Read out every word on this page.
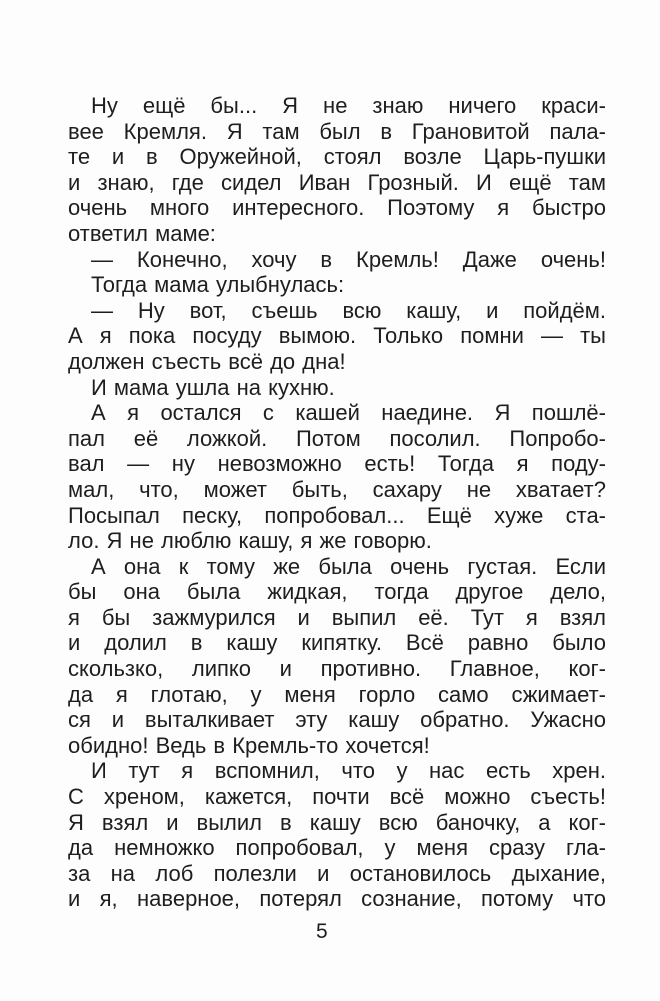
Ну ещё бы... Я не знаю ничего краси-
вее Кремля. Я там был в Грановитой пала-
те и в Оружейной, стоял возле Царь-пушки
и знаю, где сидел Иван Грозный. И ещё там
очень много интересного. Поэтому я быстро
ответил маме:
— Конечно, хочу в Кремль! Даже очень!
Тогда мама улыбнулась:
— Ну вот, съешь всю кашу, и пойдём.
А я пока посуду вымою. Только помни — ты
должен съесть всё до дна!
И мама ушла на кухню.
А я остался с кашей наедине. Я пошлё-
пал её ложкой. Потом посолил. Попробо-
вал — ну невозможно есть! Тогда я поду-
мал, что, может быть, сахару не хватает?
Посыпал песку, попробовал... Ещё хуже ста-
ло. Я не люблю кашу, я же говорю.
А она к тому же была очень густая. Если
бы она была жидкая, тогда другое дело,
я бы зажмурился и выпил её. Тут я взял
и долил в кашу кипятку. Всё равно было
скользко, липко и противно. Главное, ког-
да я глотаю, у меня горло само сжимает-
ся и выталкивает эту кашу обратно. Ужасно
обидно! Ведь в Кремль-то хочется!
И тут я вспомнил, что у нас есть хрен.
С хреном, кажется, почти всё можно съесть!
Я взял и вылил в кашу всю баночку, а ког-
да немножко попробовал, у меня сразу гла-
за на лоб полезли и остановилось дыхание,
и я, наверное, потерял сознание, потому что
5
